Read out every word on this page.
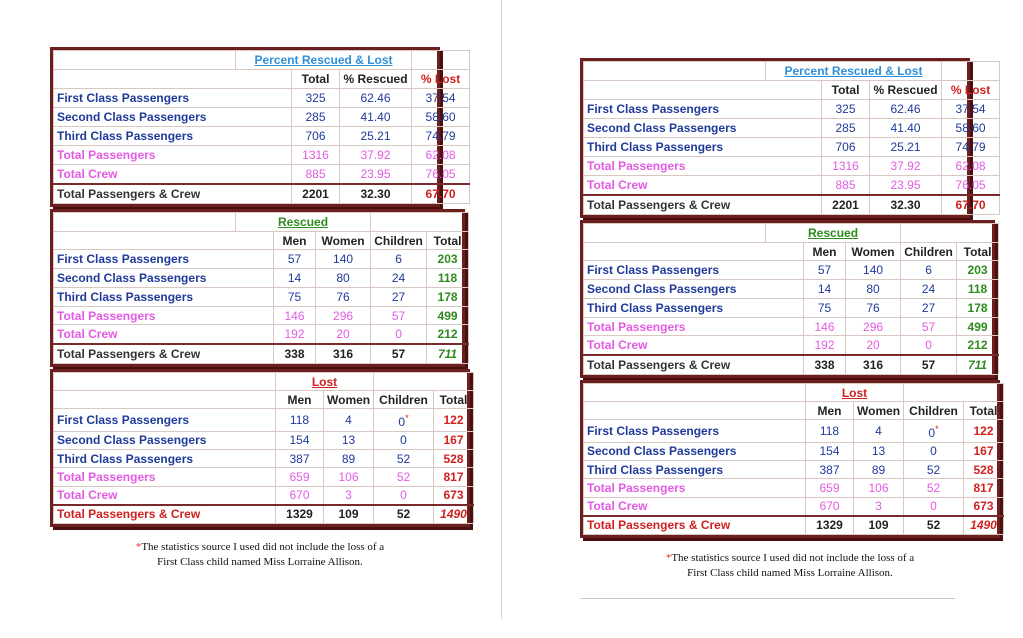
	Percent Rescued & Lost			
		Total	% Rescued	% Lost
First Class Passengers		325	62.46	37.54
Second Class Passengers		285	41.40	58.60
Third Class Passengers		706	25.21	74.79
Total Passengers		1316	37.92	62.08
Total Crew		885	23.95	76.05
Total Passengers & Crew		2201	32.30	67.70
	Rescued				
		Men	Women	Children	Total
First Class Passengers		57	140	6	203
Second Class Passengers		14	80	24	118
Third Class Passengers		75	76	27	178
Total Passengers		146	296	57	499
Total Crew		192	20	0	212
Total Passengers & Crew		338	316	57	711
	Lost			
	Men	Women	Children	Total
First Class Passengers	118	4	0*	122
Second Class Passengers	154	13	0	167
Third Class Passengers	387	89	52	528
Total Passengers	659	106	52	817
Total Crew	670	3	0	673
Total Passengers & Crew	1329	109	52	1490
*The statistics source I used did not include the loss of a
First Class child named Miss Lorraine Allison.
	Percent Rescued & Lost			
		Total	% Rescued	% Lost
First Class Passengers		325	62.46	37.54
Second Class Passengers		285	41.40	58.60
Third Class Passengers		706	25.21	74.79
Total Passengers		1316	37.92	62.08
Total Crew		885	23.95	76.05
Total Passengers & Crew		2201	32.30	67.70
	Rescued				
		Men	Women	Children	Total
First Class Passengers		57	140	6	203
Second Class Passengers		14	80	24	118
Third Class Passengers		75	76	27	178
Total Passengers		146	296	57	499
Total Crew		192	20	0	212
Total Passengers & Crew		338	316	57	711
	Lost			
	Men	Women	Children	Total
First Class Passengers	118	4	0*	122
Second Class Passengers	154	13	0	167
Third Class Passengers	387	89	52	528
Total Passengers	659	106	52	817
Total Crew	670	3	0	673
Total Passengers & Crew	1329	109	52	1490
*The statistics source I used did not include the loss of a
First Class child named Miss Lorraine Allison.
